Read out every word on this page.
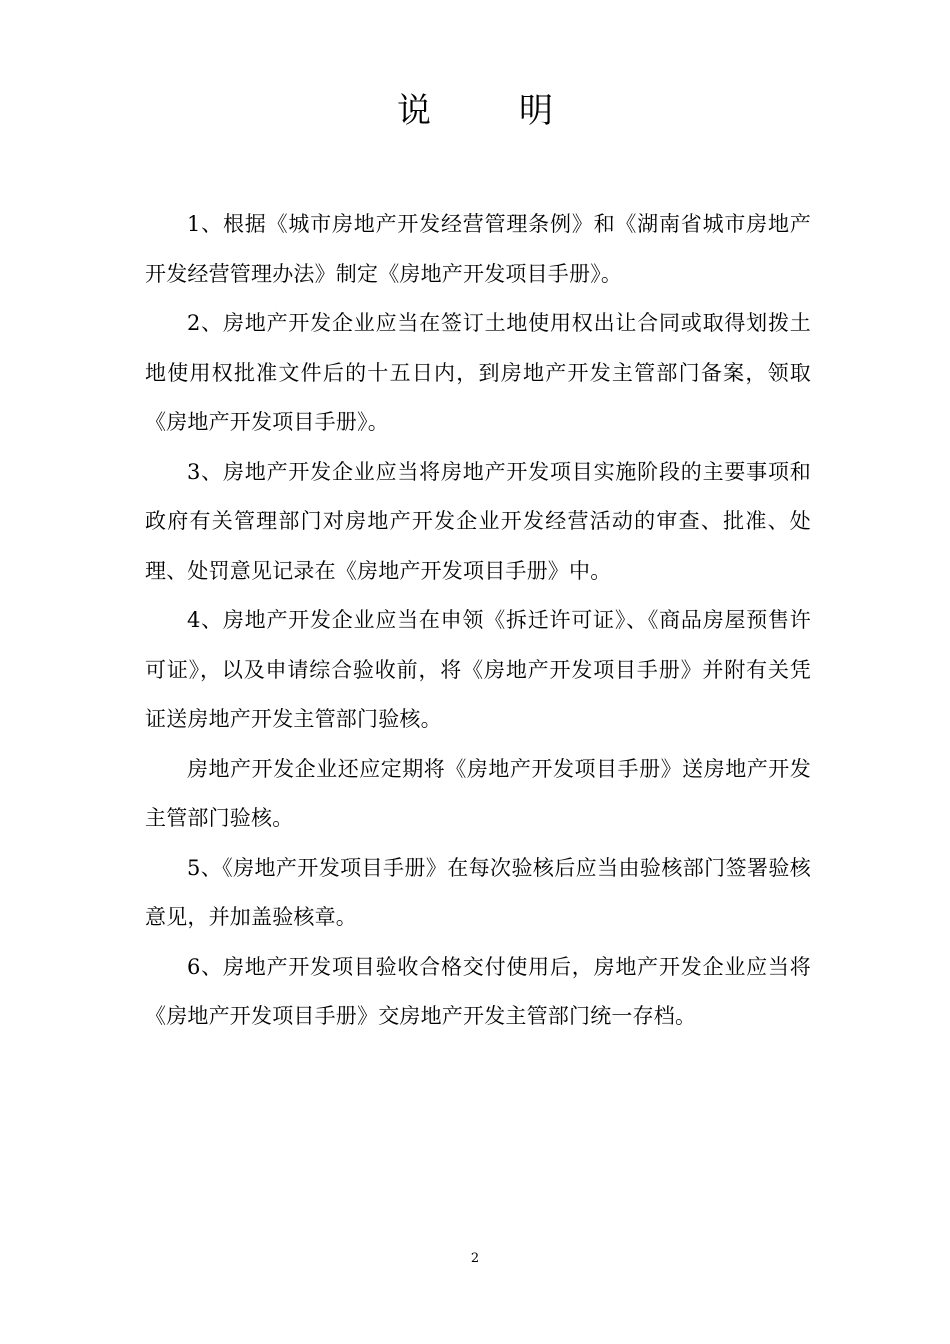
说	明

1、根据《城市房地产开发经营管理条例》和《湖南省城市房地产开发经营管理办法》制定《房地产开发项目手册》。

2、房地产开发企业应当在签订土地使用权出让合同或取得划拨土地使用权批准文件后的十五日内，到房地产开发主管部门备案，领取《房地产开发项目手册》。

3、房地产开发企业应当将房地产开发项目实施阶段的主要事项和政府有关管理部门对房地产开发企业开发经营活动的审查、批准、处理、处罚意见记录在《房地产开发项目手册》中。

4、房地产开发企业应当在申领《拆迁许可证》、《商品房屋预售许可证》，以及申请综合验收前，将《房地产开发项目手册》并附有关凭证送房地产开发主管部门验核。

房地产开发企业还应定期将《房地产开发项目手册》送房地产开发主管部门验核。

5、《房地产开发项目手册》在每次验核后应当由验核部门签署验核意见，并加盖验核章。

6、房地产开发项目验收合格交付使用后，房地产开发企业应当将《房地产开发项目手册》交房地产开发主管部门统一存档。

2
